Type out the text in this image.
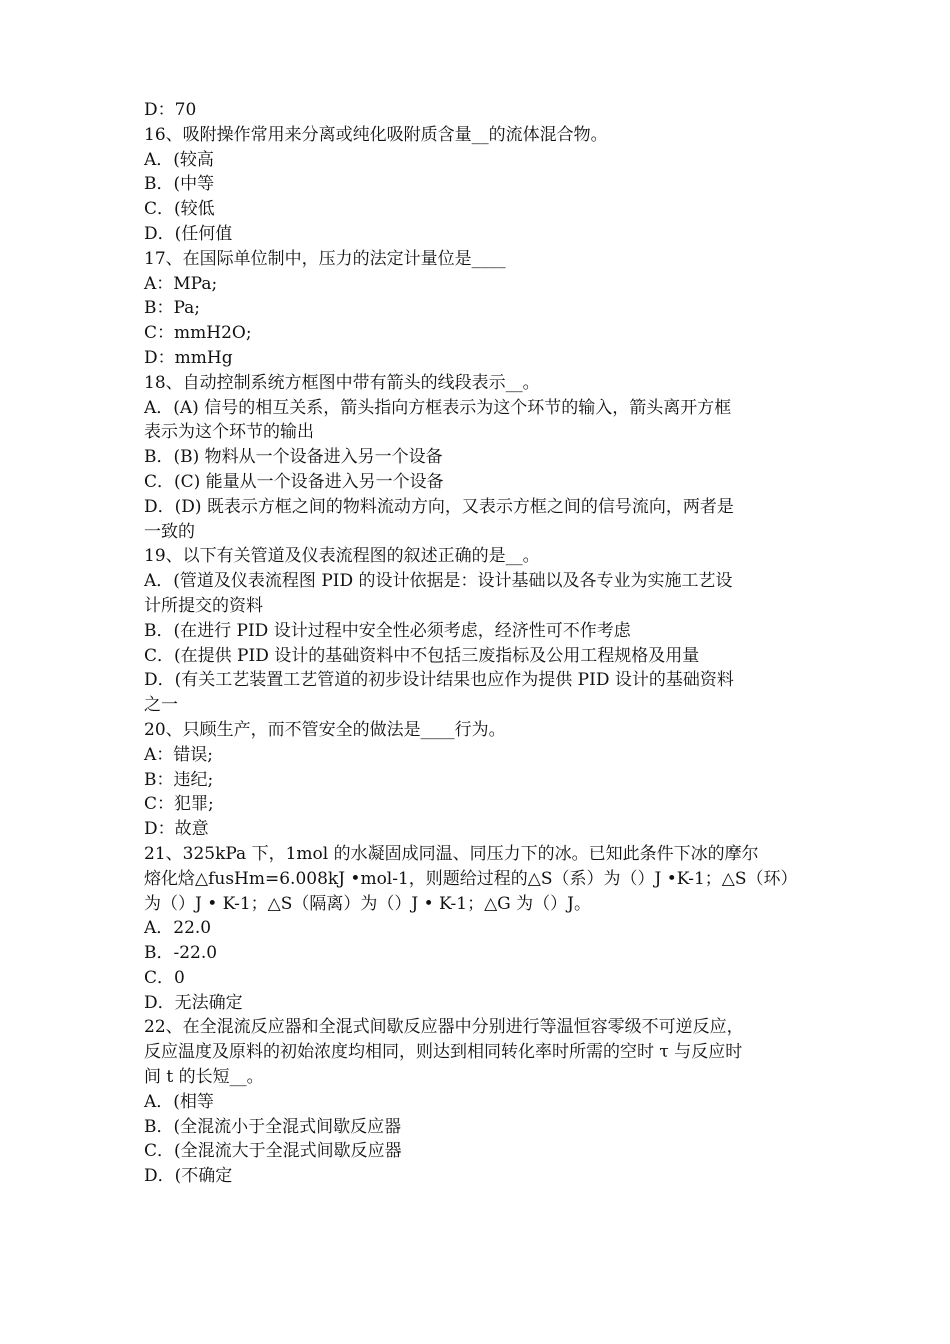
D：70
16、吸附操作常用来分离或纯化吸附质含量__的流体混合物。
A．(较高
B．(中等
C．(较低
D．(任何值
17、在国际单位制中，压力的法定计量位是____
A：MPa;
B：Pa;
C：mmH2O;
D：mmHg
18、自动控制系统方框图中带有箭头的线段表示__。
A．(A) 信号的相互关系，箭头指向方框表示为这个环节的输入，箭头离开方框
表示为这个环节的输出
B．(B) 物料从一个设备进入另一个设备
C．(C) 能量从一个设备进入另一个设备
D．(D) 既表示方框之间的物料流动方向，又表示方框之间的信号流向，两者是
一致的
19、以下有关管道及仪表流程图的叙述正确的是__。
A．(管道及仪表流程图 PID 的设计依据是：设计基础以及各专业为实施工艺设
计所提交的资料
B．(在进行 PID 设计过程中安全性必须考虑，经济性可不作考虑
C．(在提供 PID 设计的基础资料中不包括三废指标及公用工程规格及用量
D．(有关工艺装置工艺管道的初步设计结果也应作为提供 PID 设计的基础资料
之一
20、只顾生产，而不管安全的做法是____行为。
A：错误;
B：违纪;
C：犯罪;
D：故意
21、325kPa 下，1mol 的水凝固成同温、同压力下的冰。已知此条件下冰的摩尔
熔化焓△fusHm=6.008kJ •mol-1，则题给过程的△S（系）为（）J •K-1；△S（环）
为（）J • K-1；△S（隔离）为（）J • K-1；△G 为（）J。
A．22.0
B．-22.0
C．0
D．无法确定
22、在全混流反应器和全混式间歇反应器中分别进行等温恒容零级不可逆反应，
反应温度及原料的初始浓度均相同，则达到相同转化率时所需的空时 τ 与反应时
间 t 的长短__。
A．(相等
B．(全混流小于全混式间歇反应器
C．(全混流大于全混式间歇反应器
D．(不确定
